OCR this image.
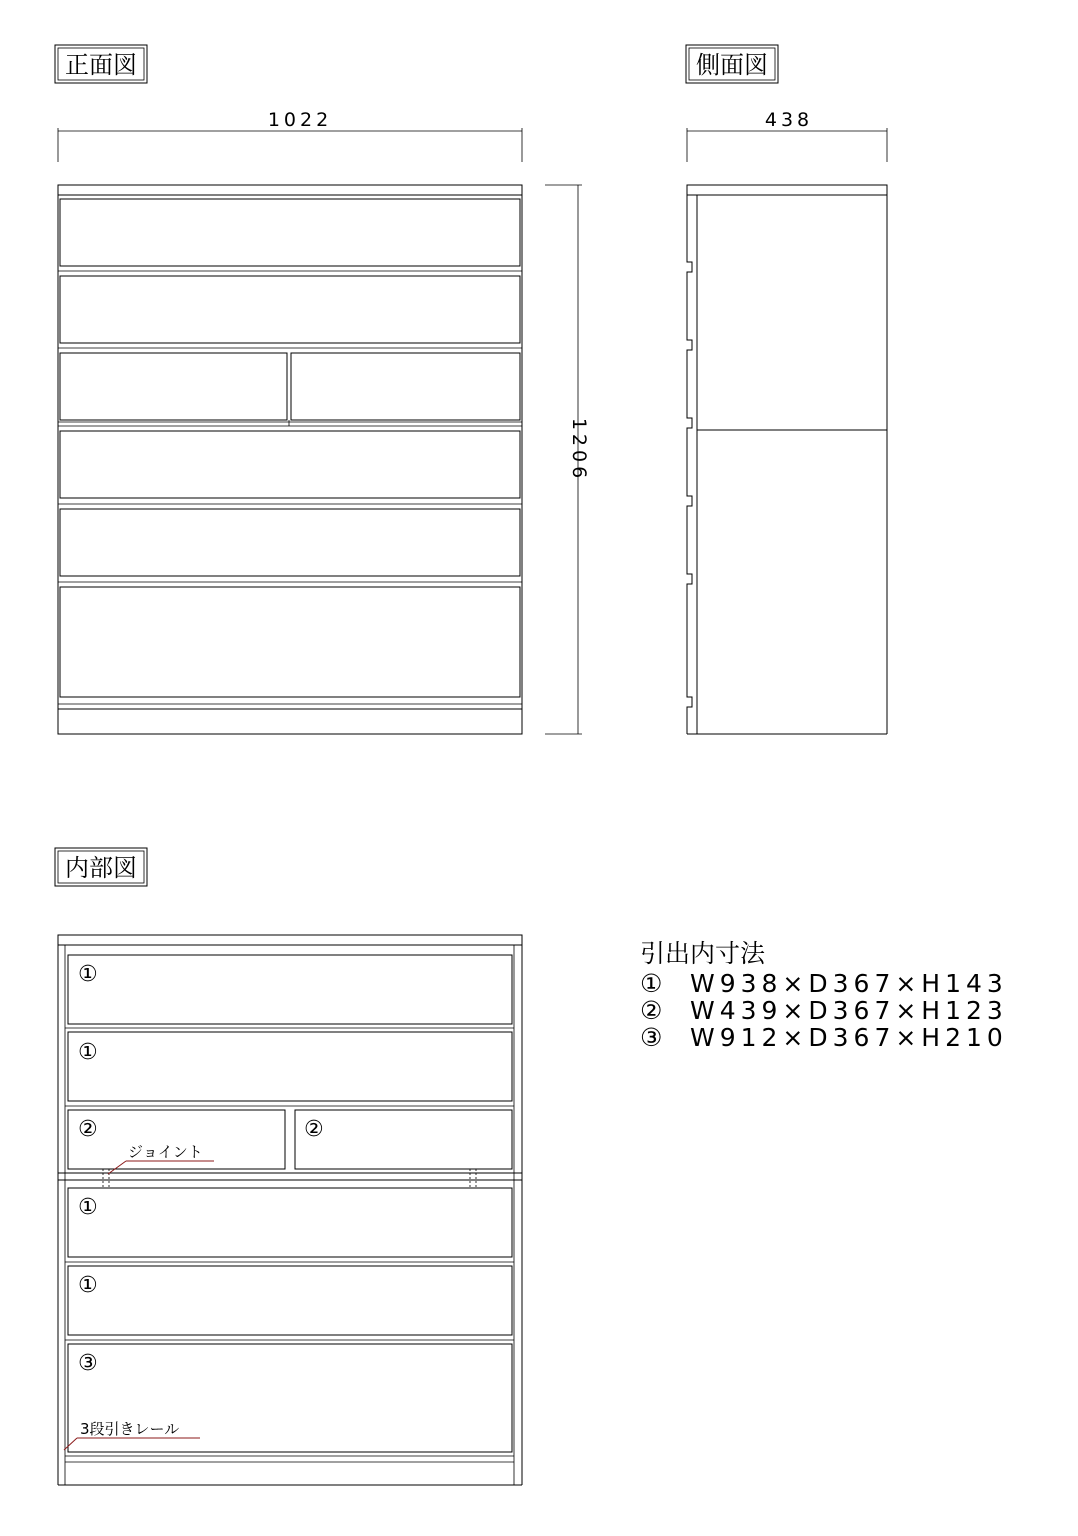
正面図	側面図
内部図
1022
1206
438
①
①
②	②
①
①
③
ジョイント
3段引きレール
引出内寸法
① W938×D367×H143
② W439×D367×H123
③ W912×D367×H210
